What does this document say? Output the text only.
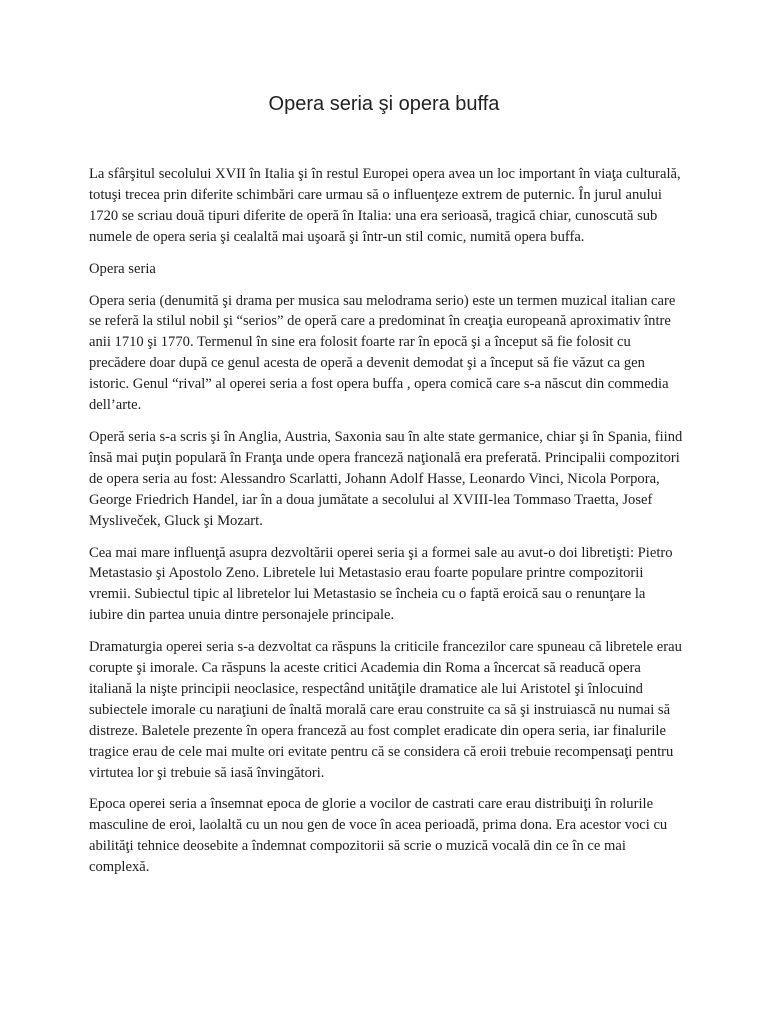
Opera seria şi opera buffa

La sfârşitul secolului XVII în Italia şi în restul Europei opera avea un loc important în viaţa culturală, totuşi trecea prin diferite schimbări care urmau să o influenţeze extrem de puternic. În jurul anului 1720 se scriau două tipuri diferite de operă în Italia: una era serioasă, tragică chiar, cunoscută sub numele de opera seria şi cealaltă mai uşoară şi într-un stil comic, numită opera buffa.

Opera seria

Opera seria (denumită şi drama per musica sau melodrama serio) este un termen muzical italian care se referă la stilul nobil şi “serios” de operă care a predominat în creaţia europeană aproximativ între anii 1710 şi 1770. Termenul în sine era folosit foarte rar în epocă şi a început să fie folosit cu precădere doar după ce genul acesta de operă a devenit demodat şi a început să fie văzut ca gen istoric. Genul “rival” al operei seria a fost opera buffa , opera comică care s-a născut din commedia dell’arte.

Operă seria s-a scris şi în Anglia, Austria, Saxonia sau în alte state germanice, chiar şi în Spania, fiind însă mai puţin populară în Franţa unde opera franceză naţională era preferată. Principalii compozitori de opera seria au fost: Alessandro Scarlatti, Johann Adolf Hasse, Leonardo Vinci, Nicola Porpora, George Friedrich Handel, iar în a doua jumătate a secolului al XVIII-lea Tommaso Traetta, Josef Mysliveček, Gluck şi Mozart.

Cea mai mare influenţă asupra dezvoltării operei seria şi a formei sale au avut-o doi libretişti: Pietro Metastasio şi Apostolo Zeno. Libretele lui Metastasio erau foarte populare printre compozitorii vremii. Subiectul tipic al libretelor lui Metastasio se încheia cu o faptă eroică sau o renunţare la iubire din partea unuia dintre personajele principale.

Dramaturgia operei seria s-a dezvoltat ca răspuns la criticile francezilor care spuneau că libretele erau corupte şi imorale. Ca răspuns la aceste critici Academia din Roma a încercat să readucă opera italiană la nişte principii neoclasice, respectând unităţile dramatice ale lui Aristotel şi înlocuind subiectele imorale cu naraţiuni de înaltă morală care erau construite ca să şi instruiască nu numai să distreze. Baletele prezente în opera franceză au fost complet eradicate din opera seria, iar finalurile tragice erau de cele mai multe ori evitate pentru că se considera că eroii trebuie recompensaţi pentru virtutea lor şi trebuie să iasă învingători.

Epoca operei seria a însemnat epoca de glorie a vocilor de castrati care erau distribuiţi în rolurile masculine de eroi, laolaltă cu un nou gen de voce în acea perioadă, prima dona. Era acestor voci cu abilităţi tehnice deosebite a îndemnat compozitorii să scrie o muzică vocală din ce în ce mai complexă.
